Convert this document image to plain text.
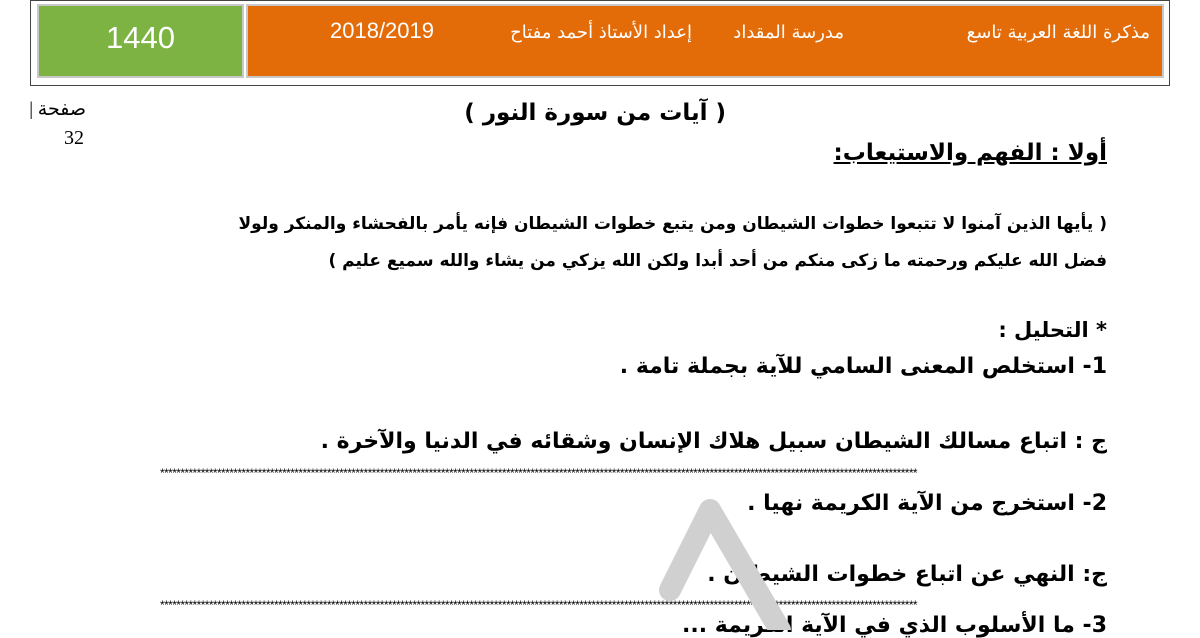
1440	مذكرة اللغة العربية تاسع
مدرسة المقداد
إعداد الأستاذ أحمد مفتاح
2018/2019
صفحة |
32
( آيات من سورة النور )
أولا : الفهم والاستيعاب:
( يأيها الذين آمنوا لا تتبعوا خطوات الشيطان ومن يتبع خطوات الشيطان فإنه يأمر بالفحشاء والمنكر ولولا
فضل الله عليكم ورحمته ما زكى منكم من أحد أبدا ولكن الله يزكي من يشاء والله سميع عليم )
* التحليل :
1- استخلص المعنى السامي للآية بجملة تامة .
ج : اتباع مسالك الشيطان سبيل هلاك الإنسان وشقائه في الدنيا والآخرة .
******************************************************************************************************************************************************************************************
2- استخرج من الآية الكريمة نهيا .
ج: النهي عن اتباع خطوات الشيطان .
******************************************************************************************************************************************************************************************
3- ما الأسلوب الذي في الآية الكريمة ...
